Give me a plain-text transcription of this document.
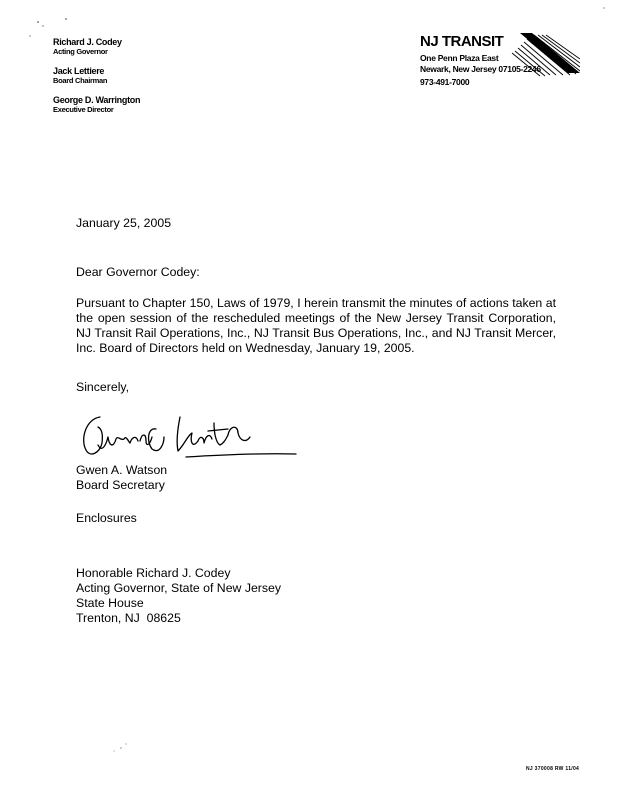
Richard J. Codey
Acting Governor
Jack Lettiere
Board Chairman
George D. Warrington
Executive Director
NJ TRANSIT
One Penn Plaza East
Newark, New Jersey 07105-2246
973-491-7000
January 25, 2005
Dear Governor Codey:
Pursuant to Chapter 150, Laws of 1979, I herein transmit the minutes of actions taken at the open session of the rescheduled meetings of the New Jersey Transit Corporation, NJ Transit Rail Operations, Inc., NJ Transit Bus Operations, Inc., and NJ Transit Mercer, Inc. Board of Directors held on Wednesday, January 19, 2005.
Sincerely,
Gwen A. Watson
Board Secretary
Enclosures
Honorable Richard J. Codey
Acting Governor, State of New Jersey
State House
Trenton, NJ  08625
NJ 370008 RW 11/04
